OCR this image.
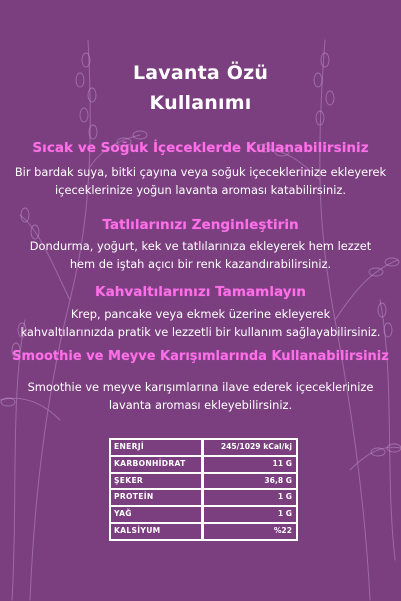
Lavanta Özü
Kullanımı
Sıcak ve Soğuk İçeceklerde Kullanabilirsiniz
Bir bardak suya, bitki çayına veya soğuk içeceklerinize ekleyerek
içeceklerinize yoğun lavanta aroması katabilirsiniz.
Tatlılarınızı Zenginleştirin
Dondurma, yoğurt, kek ve tatlılarınıza ekleyerek hem lezzet
hem de iştah açıcı bir renk kazandırabilirsiniz.
Kahvaltılarınızı Tamamlayın
Krep, pancake veya ekmek üzerine ekleyerek
kahvaltılarınızda pratik ve lezzetli bir kullanım sağlayabilirsiniz.
Smoothie ve Meyve Karışımlarında Kullanabilirsiniz
Smoothie ve meyve karışımlarına ilave ederek içeceklerinize
lavanta aroması ekleyebilirsiniz.
ENERJİ	245/1029 kCal/kj
KARBONHİDRAT	11 G
ŞEKER	36,8 G
PROTEİN	1 G
YAĞ	1 G
KALSİYUM	%22
